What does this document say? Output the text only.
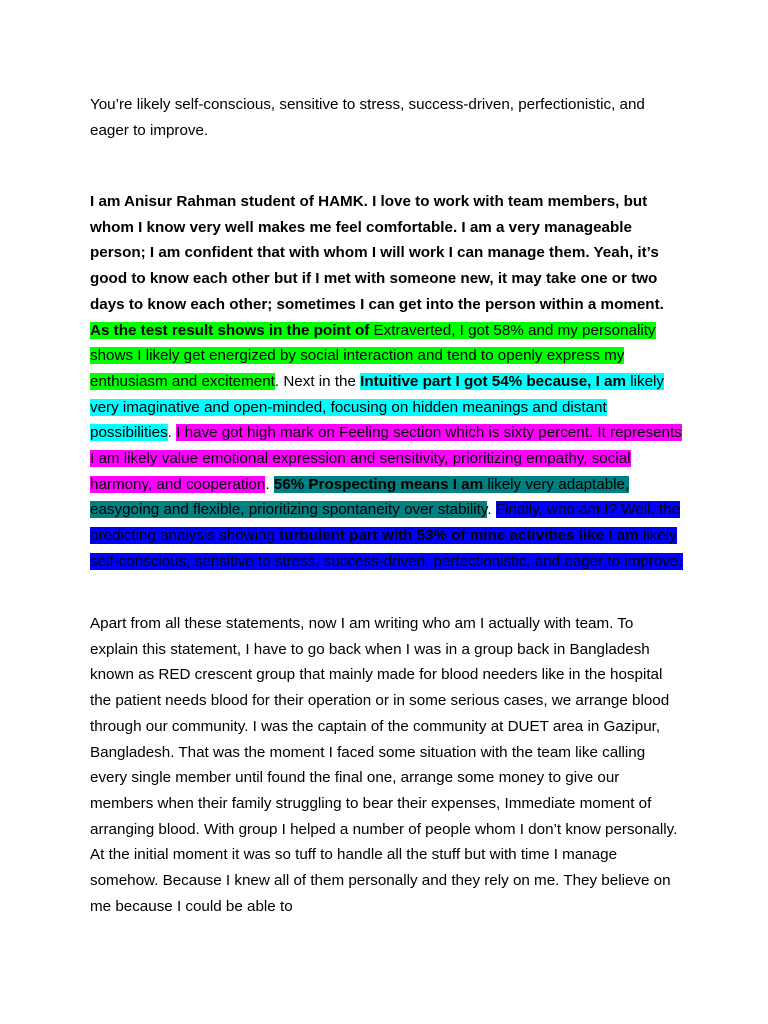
You’re likely self-conscious, sensitive to stress, success-driven, perfectionistic, and eager to improve.

I am Anisur Rahman student of HAMK. I love to work with team members, but whom I know very well makes me feel comfortable. I am a very manageable person; I am confident that with whom I will work I can manage them. Yeah, it’s good to know each other but if I met with someone new, it may take one or two days to know each other; sometimes I can get into the person within a moment. As the test result shows in the point of Extraverted, I got 58% and my personality shows I likely get energized by social interaction and tend to openly express my enthusiasm and excitement. Next in the Intuitive part I got 54% because, I am likely very imaginative and open-minded, focusing on hidden meanings and distant possibilities. I have got high mark on Feeling section which is sixty percent. It represents I am likely value emotional expression and sensitivity, prioritizing empathy, social harmony, and cooperation. 56% Prospecting means I am likely very adaptable, easygoing and flexible, prioritizing spontaneity over stability. Finally, who am I? Well, the predicting analysis showing turbulent part with 53% of mine activities like I am likely self-conscious, sensitive to stress, success-driven, perfectionistic, and eager to improve.

Apart from all these statements, now I am writing who am I actually with team. To explain this statement, I have to go back when I was in a group back in Bangladesh known as RED crescent group that mainly made for blood needers like in the hospital the patient needs blood for their operation or in some serious cases, we arrange blood through our community. I was the captain of the community at DUET area in Gazipur, Bangladesh. That was the moment I faced some situation with the team like calling every single member until found the final one, arrange some money to give our members when their family struggling to bear their expenses, Immediate moment of arranging blood. With group I helped a number of people whom I don’t know personally. At the initial moment it was so tuff to handle all the stuff but with time I manage somehow. Because I knew all of them personally and they rely on me. They believe on me because I could be able to
